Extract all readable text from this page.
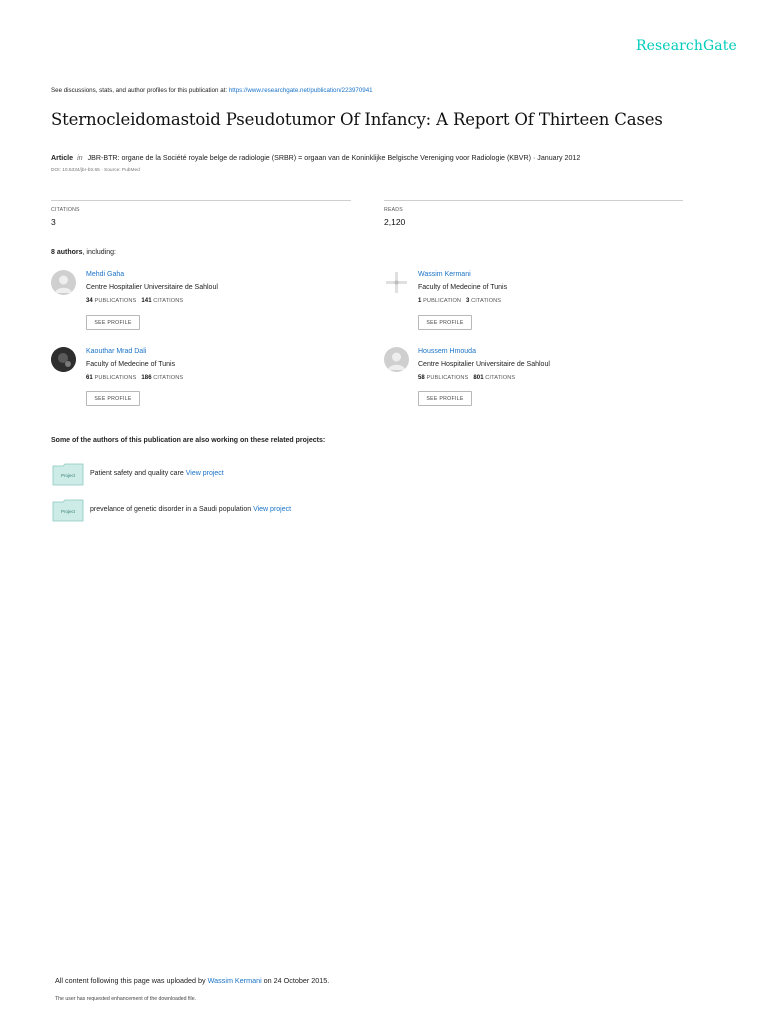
ResearchGate
See discussions, stats, and author profiles for this publication at: https://www.researchgate.net/publication/223970941
Sternocleidomastoid Pseudotumor Of Infancy: A Report Of Thirteen Cases
Article in JBR-BTR: organe de la Société royale belge de radiologie (SRBR) = orgaan van de Koninklijke Belgische Vereniging voor Radiologie (KBVR) · January 2012
DOI: 10.5334/jbr-btr.65 · Source: PubMed
CITATIONS
3
READS
2,120
8 authors, including:
Mehdi Gaha
Centre Hospitalier Universitaire de Sahloul
34 PUBLICATIONS 141 CITATIONS
SEE PROFILE
Wassim Kermani
Faculty of Medecine of Tunis
1 PUBLICATION 3 CITATIONS
SEE PROFILE
Kaouthar Mrad Dali
Faculty of Medecine of Tunis
61 PUBLICATIONS 186 CITATIONS
SEE PROFILE
Houssem Hmouda
Centre Hospitalier Universitaire de Sahloul
58 PUBLICATIONS 801 CITATIONS
SEE PROFILE
Some of the authors of this publication are also working on these related projects:
Project Patient safety and quality care View project
Project prevelance of genetic disorder in a Saudi population View project
All content following this page was uploaded by Wassim Kermani on 24 October 2015.
The user has requested enhancement of the downloaded file.
